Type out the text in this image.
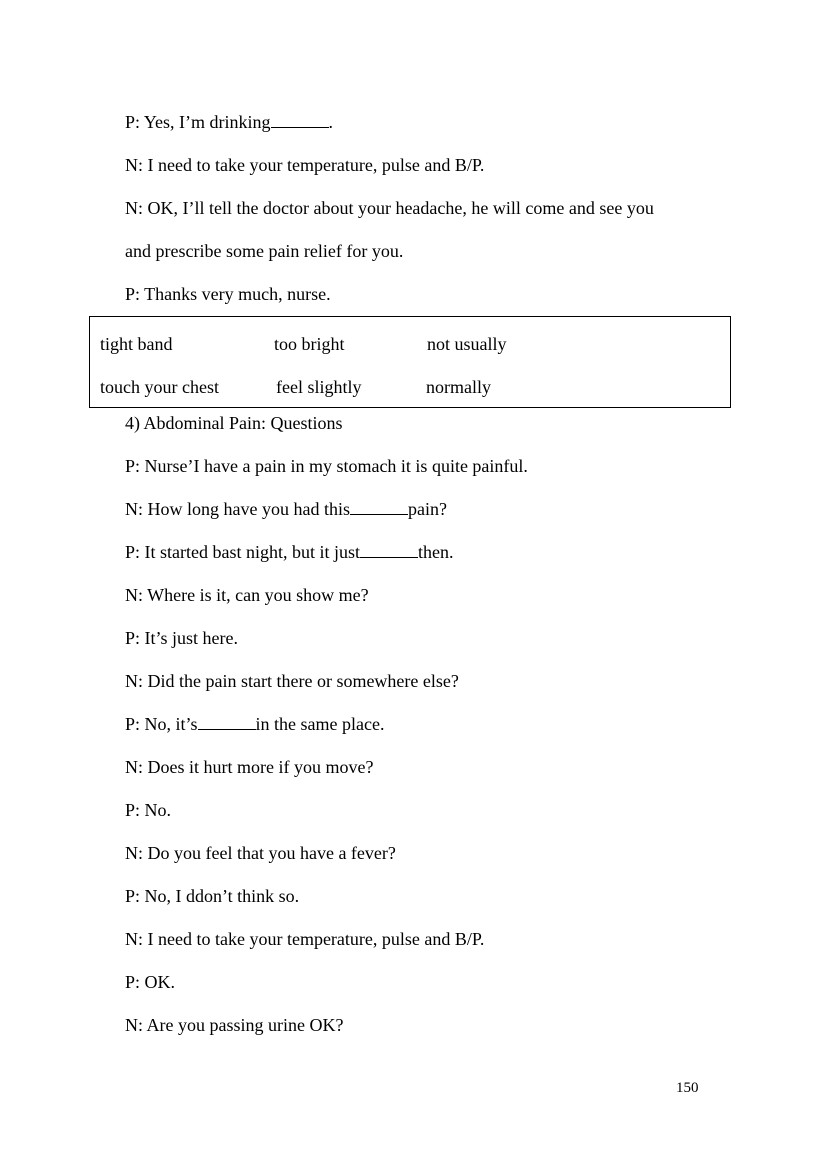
P: Yes, I’m drinking	.
N: I need to take your temperature, pulse and B/P.
N: OK, I’ll tell the doctor about your headache, he will come and see you
and prescribe some pain relief for you.
P: Thanks very much, nurse.
tight band	too bright	not usually
touch your chest	feel slightly	normally
4) Abdominal Pain: Questions
P: Nurse’I have a pain in my stomach it is quite painful.
N: How long have you had this	pain?
P: It started bast night, but it just	then.
N: Where is it, can you show me?
P: It’s just here.
N: Did the pain start there or somewhere else?
P: No, it’s	in the same place.
N: Does it hurt more if you move?
P: No.
N: Do you feel that you have a fever?
P: No, I ddon’t think so.
N: I need to take your temperature, pulse and B/P.
P: OK.
N: Are you passing urine OK?
150
